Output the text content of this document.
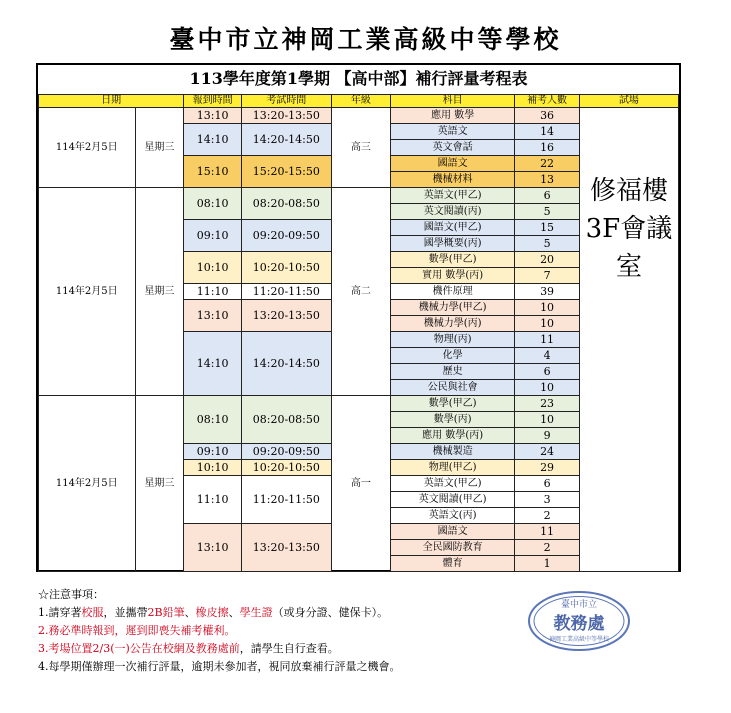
臺中市立神岡工業高級中等學校
113學年度第1學期 【高中部】補行評量考程表
日期		報到時間	考試時間	年級	科目	補考人數	試場
114年2月5日	星期三	13:10	13:20-13:50	高三	應用 數學	36	修福樓3F會議室
		14:10	14:20-14:50		英語文	14	
					英文會話	16	
		15:10	15:20-15:50		國語文	22	
					機械材料	13	
114年2月5日	星期三	08:10	08:20-08:50	高二	英語文(甲乙)	6	
					英文閱讀(丙)	5	
		09:10	09:20-09:50		國語文(甲乙)	15	
					國學概要(丙)	5	
		10:10	10:20-10:50		數學(甲乙)	20	
					實用 數學(丙)	7	
		11:10	11:20-11:50		機件原理	39	
		13:10	13:20-13:50		機械力學(甲乙)	10	
					機械力學(丙)	10	
		14:10	14:20-14:50		物理(丙)	11	
					化學	4	
					歷史	6	
					公民與社會	10	
114年2月5日	星期三	08:10	08:20-08:50	高一	數學(甲乙)	23	
					數學(丙)	10	
					應用 數學(丙)	9	
		09:10	09:20-09:50		機械製造	24	
		10:10	10:20-10:50		物理(甲乙)	29	
		11:10	11:20-11:50		英語文(甲乙)	6	
					英文閱讀(甲乙)	3	
					英語文(丙)	2	
		13:10	13:20-13:50		國語文	11	
					全民國防教育	2	
					體育	1	
☆注意事項：
1.請穿著校服，並攜帶2B鉛筆、橡皮擦、學生證（或身分證、健保卡）。
2.務必準時報到，遲到即喪失補考權利。
3.考場位置2/3(一)公告在校網及教務處前，請學生自行查看。
4.每學期僅辦理一次補行評量，逾期未參加者，視同放棄補行評量之機會。
臺中市立
教務處
神岡工業高級中等學校
